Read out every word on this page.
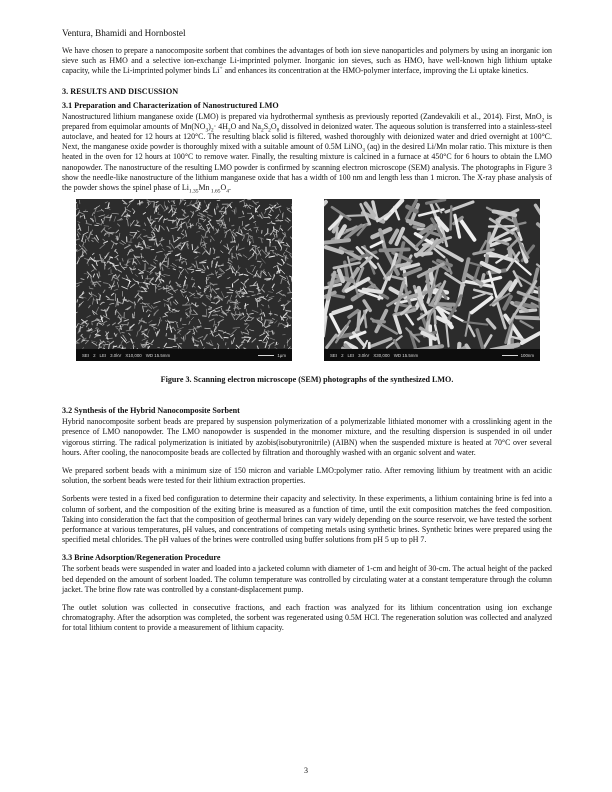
Ventura, Bhamidi and Hornbostel

We have chosen to prepare a nanocomposite sorbent that combines the advantages of both ion sieve nanoparticles and polymers by using an inorganic ion sieve such as HMO and a selective ion-exchange Li-imprinted polymer. Inorganic ion sieves, such as HMO, have well-known high lithium uptake capacity, while the Li-imprinted polymer binds Li+ and enhances its concentration at the HMO-polymer interface, improving the Li uptake kinetics.

3. RESULTS AND DISCUSSION
3.1 Preparation and Characterization of Nanostructured LMO

Nanostructured lithium manganese oxide (LMO) is prepared via hydrothermal synthesis as previously reported (Zandevakili et al., 2014). First, MnO$_2$ is prepared from equimolar amounts of $Mn(NO_3)_2\cdot 4H_2O$ and $Na_2S_2O_8$ dissolved in deionized water. The aqueous solution is transferred into a stainless-steel autoclave, and heated for 12 hours at 120°C. The resulting black solid is filtered, washed thoroughly with deionized water and dried overnight at 100°C. Next, the manganese oxide powder is thoroughly mixed with a suitable amount of 0.5M LiNO$_3$ (aq) in the desired Li/Mn molar ratio. This mixture is then heated in the oven for 12 hours at 100°C to remove water. Finally, the resulting mixture is calcined in a furnace at 450°C for 6 hours to obtain the LMO nanopowder. The nanostructure of the resulting LMO powder is confirmed by scanning electron microscope (SEM) analysis. The photographs in Figure 3 show the needle-like nanostructure of the lithium manganese oxide that has a width of 100 nm and length less than 1 micron. The X-ray phase analysis of the powder shows the spinel phase of $Li_{1.35}Mn$ $_{1.65}O_4$.

SEI 2 LEI 3.0kV X10,000 WD 15.5mm	1μm	SEI 2 LEI 3.0kV X30,000 WD 15.5mm	100nm
Figure 3. Scanning electron microscope (SEM) photographs of the synthesized LMO.
3.2 Synthesis of the Hybrid Nanocomposite Sorbent

Hybrid nanocomposite sorbent beads are prepared by suspension polymerization of a polymerizable lithiated monomer with a crosslinking agent in the presence of LMO nanopowder. The LMO nanopowder is suspended in the monomer mixture, and the resulting dispersion is suspended in oil under vigorous stirring. The radical polymerization is initiated by azobis(isobutyronitrile) (AIBN) when the suspended mixture is heated at 70°C over several hours. After cooling, the nanocomposite beads are collected by filtration and thoroughly washed with an organic solvent and water.

We prepared sorbent beads with a minimum size of 150 micron and variable LMO:polymer ratio. After removing lithium by treatment with an acidic solution, the sorbent beads were tested for their lithium extraction properties.

Sorbents were tested in a fixed bed configuration to determine their capacity and selectivity. In these experiments, a lithium containing brine is fed into a column of sorbent, and the composition of the exiting brine is measured as a function of time, until the exit composition matches the feed composition. Taking into consideration the fact that the composition of geothermal brines can vary widely depending on the source reservoir, we have tested the sorbent performance at various temperatures, pH values, and concentrations of competing metals using synthetic brines. Synthetic brines were prepared using the specified metal chlorides. The pH values of the brines were controlled using buffer solutions from pH 5 up to pH 7.

3.3 Brine Adsorption/Regeneration Procedure

The sorbent beads were suspended in water and loaded into a jacketed column with diameter of 1-cm and height of 30-cm. The actual height of the packed bed depended on the amount of sorbent loaded. The column temperature was controlled by circulating water at a constant temperature through the column jacket. The brine flow rate was controlled by a constant-displacement pump.

The outlet solution was collected in consecutive fractions, and each fraction was analyzed for its lithium concentration using ion exchange chromatography. After the adsorption was completed, the sorbent was regenerated using 0.5M HCl. The regeneration solution was collected and analyzed for total lithium content to provide a measurement of lithium capacity.

3
